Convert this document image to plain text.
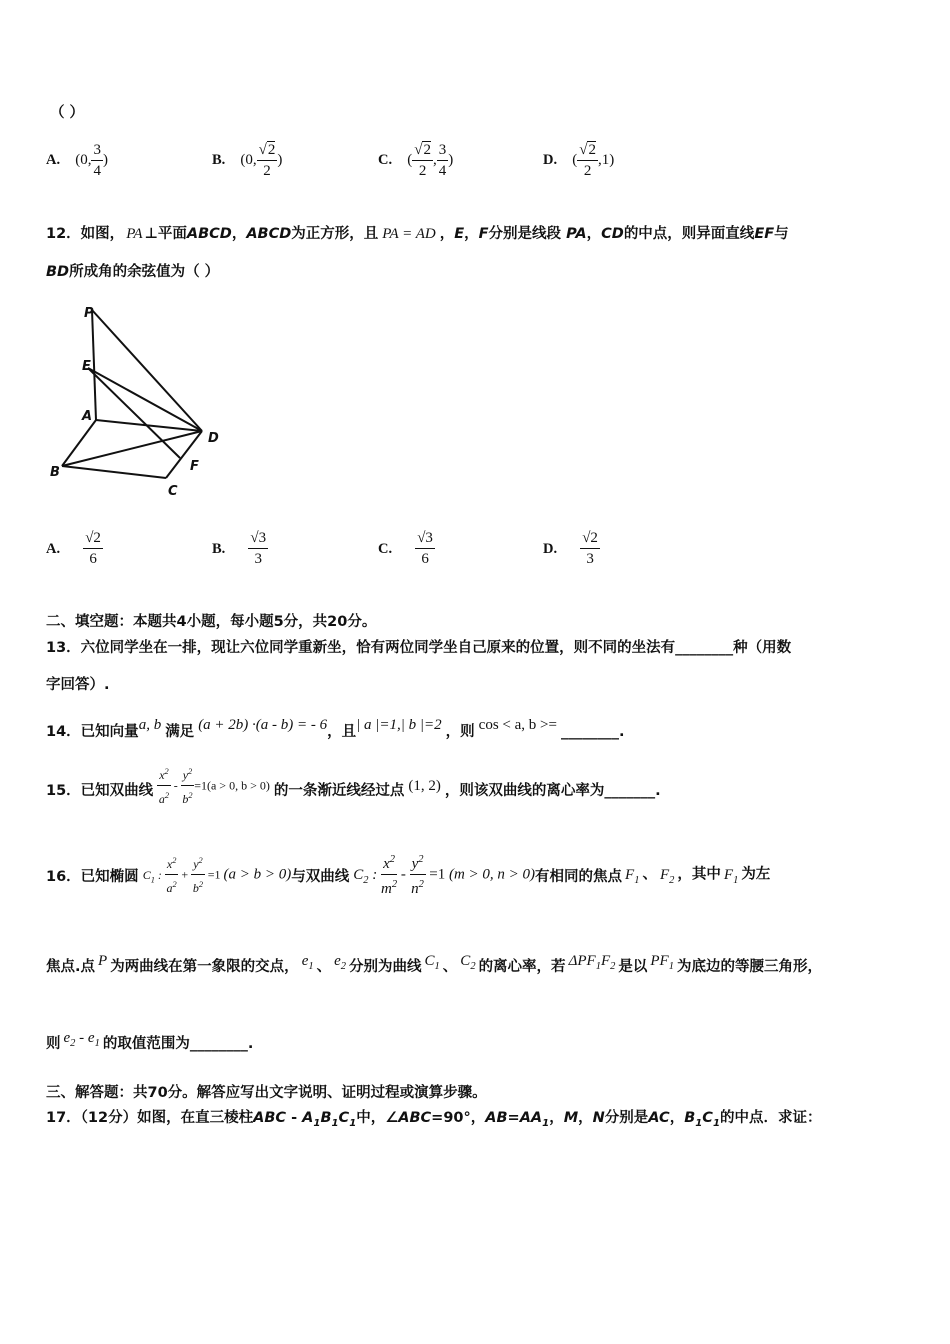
（ ）
A. (0, $\frac{3}{4}$ )	B. (0, $\frac{√2}{2}$ )	C. ( $\frac{√2}{2}$ , $\frac{3}{4}$ )	D. ( $\frac{√2}{2} ,1$)
12．如图， PA ⊥平面ABCD，ABCD为正方形，且 PA = AD ，E，F分别是线段 PA，CD的中点，则异面直线EF与
BD所成角的余弦值为（ ）
P
E
A
D
F
B
C
A. $\frac{√2}{6}$	B. $\frac{√3}{3}$	C. $\frac{√3}{6}$	D. $\frac{√2}{3}$
二、填空题：本题共4小题，每小题5分，共20分。
13．六位同学坐在一排，现让六位同学重新坐，恰有两位同学坐自己原来的位置，则不同的坐法有________种（用数
字回答）.
14．已知向量a, b 满足 (a + 2b) ·(a - b) = - 6，且| a |=1,| b |=2 ，则 cos < a, b >= ________.
15．已知双曲线 $\frac{x^2}{a^2} - \frac{y^2}{b^2} =1(a > 0$, b > 0) 的一条渐近线经过点 (1, 2) ，则该双曲线的离心率为_______.
16．已知椭圆 $C_1$ : $\frac{x^2}{a^2} + \frac{y^2}{b^2} =1$ (a > b > 0)与双曲线 $C_2$ : $\frac{x^2}{m^2} - \frac{y^2}{n^2} =1$ (m > 0, n > 0)有相同的焦点 $F_1$ 、 $F_2$ ，其中 $F_1$ 为左
焦点.点 P 为两曲线在第一象限的交点， $e_1$ 、 $e_2$ 分别为曲线 $C_1$ 、 $C_2$ 的离心率，若 $\Delta PF_1F_2$ 是以 $PF_1$ 为底边的等腰三角形，
则 $e_2 - e_1$ 的取值范围为________.
三、解答题：共70分。解答应写出文字说明、证明过程或演算步骤。
17．（12分）如图，在直三棱柱ABC - $A_1B_1C_1$中，∠ABC=90°，$AB=AA_1$，M，N分别是AC，$B_1C_1$的中点．求证：
